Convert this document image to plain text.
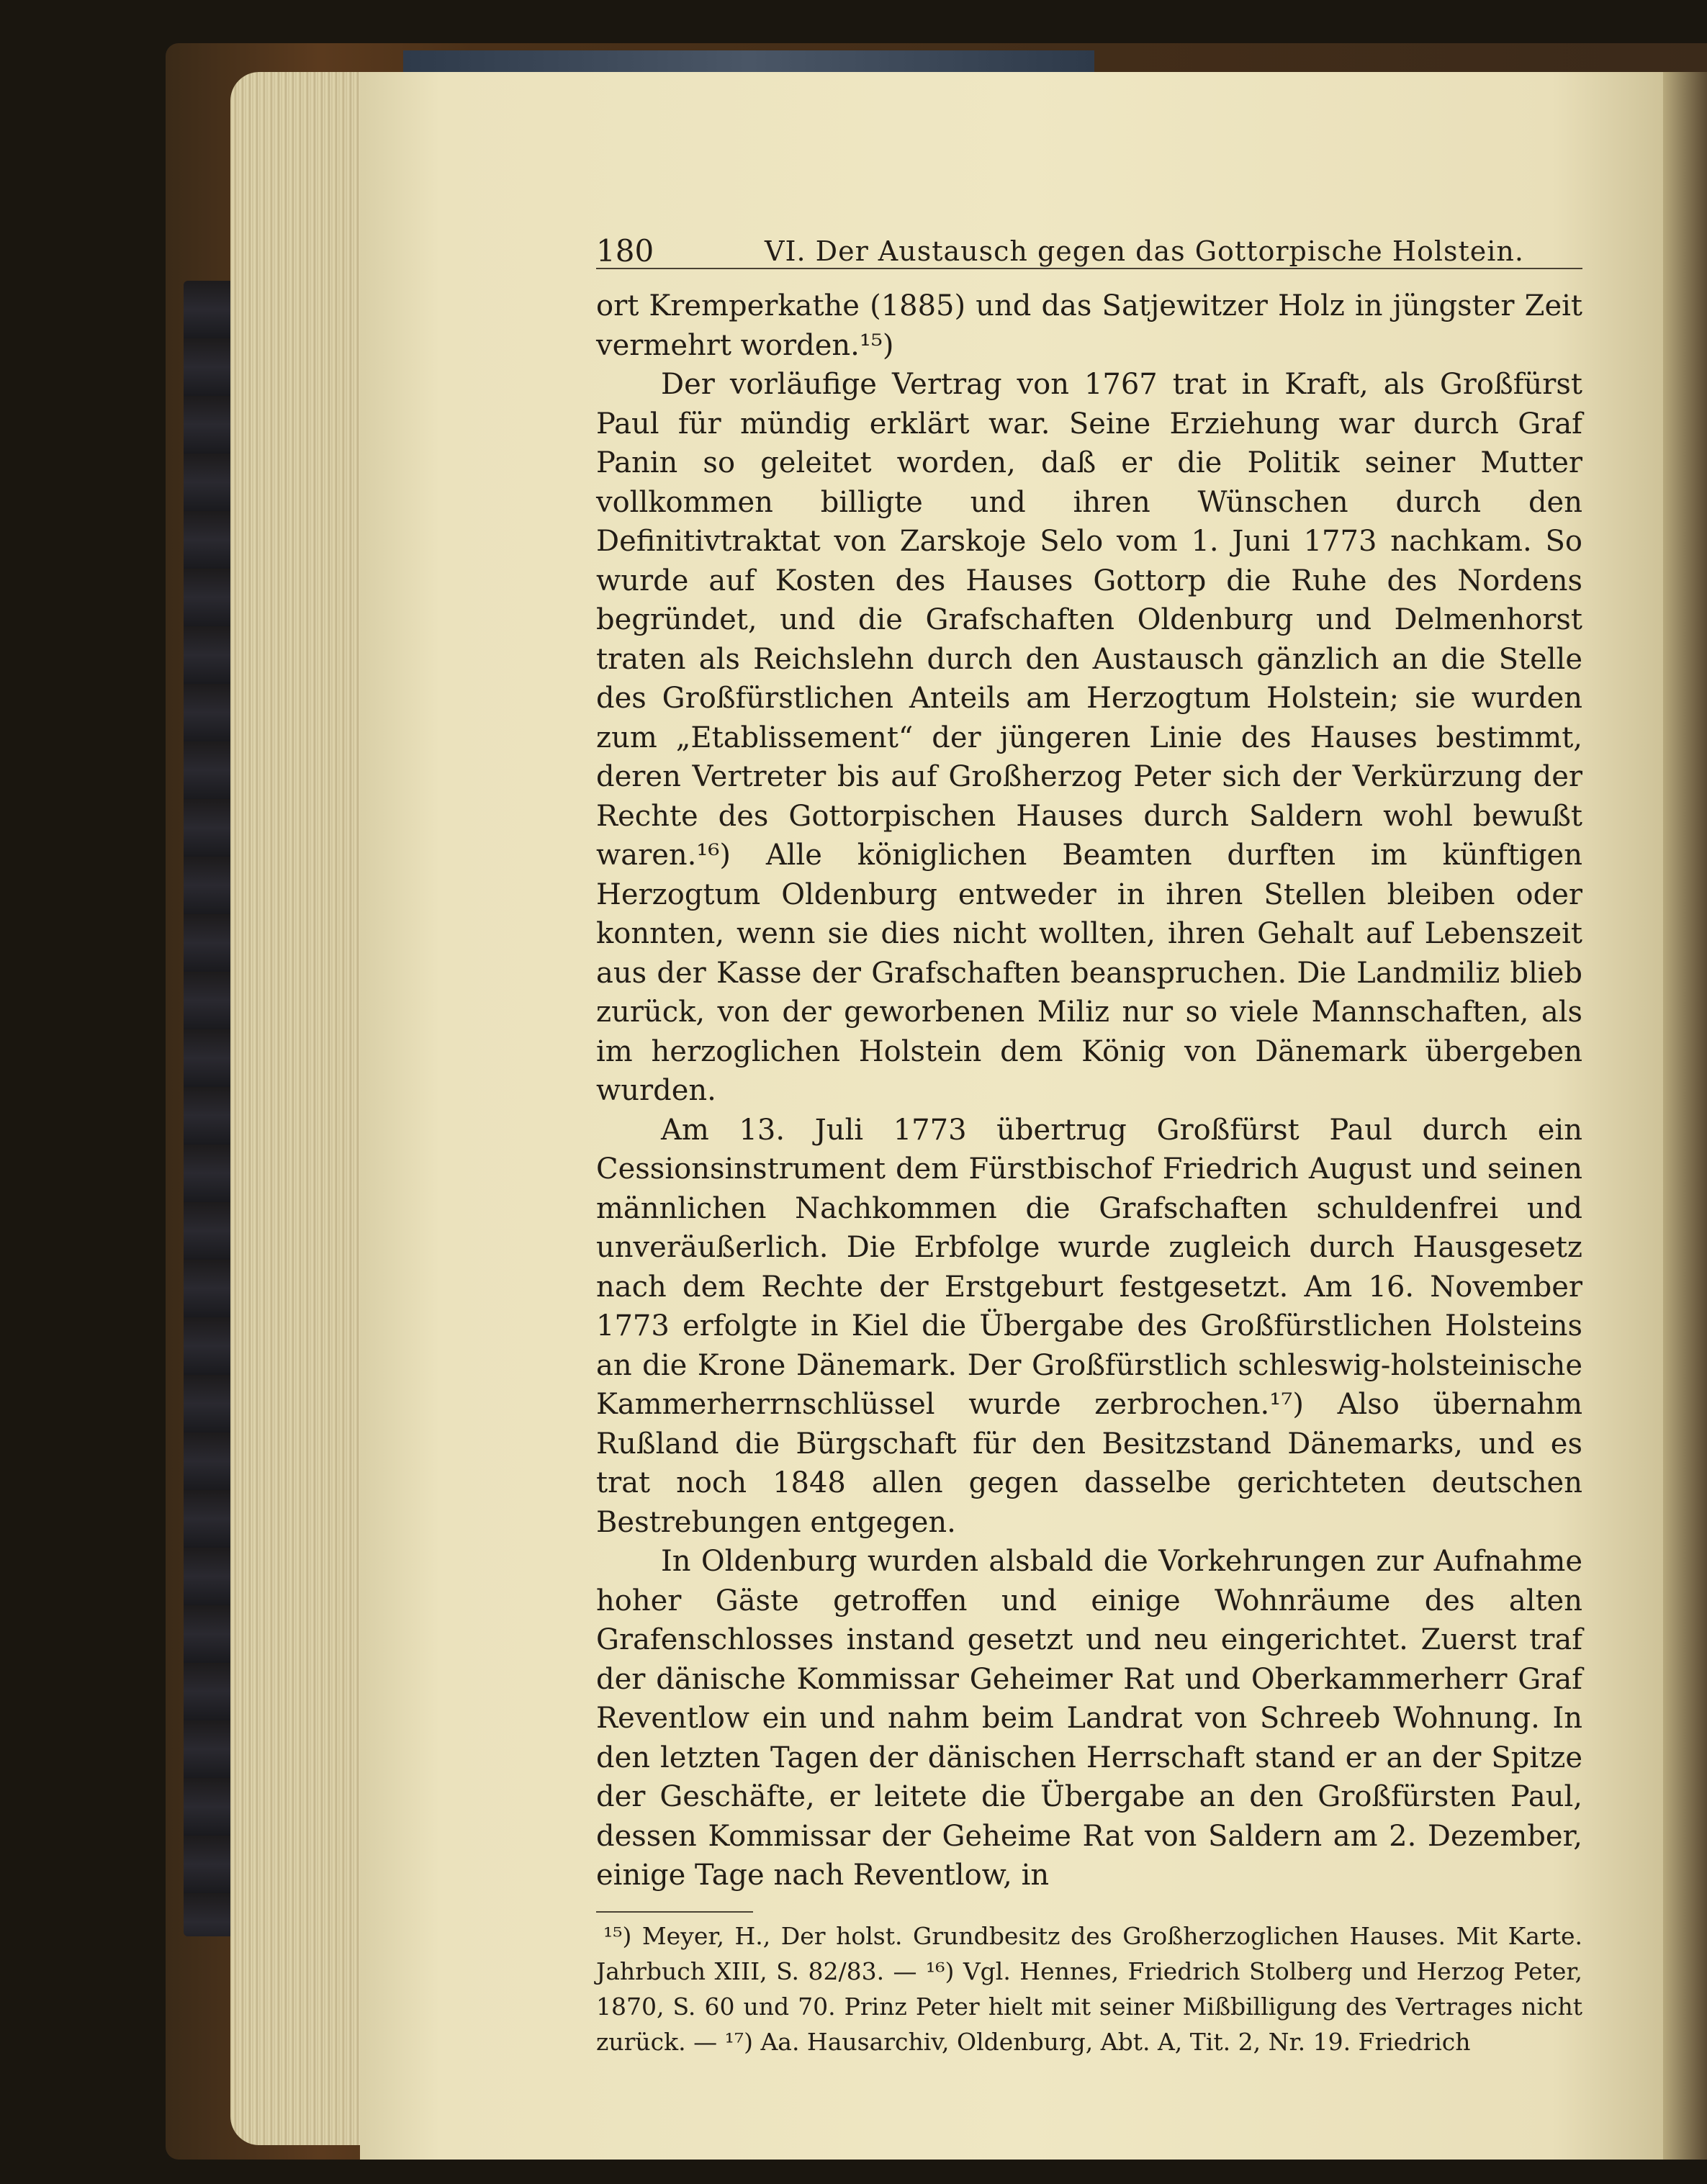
180	VI. Der Austausch gegen das Gottorpische Holstein.

ort Kremperkathe (1885) und das Satjewitzer Holz in jüngster Zeit vermehrt worden.¹⁵)

Der vorläufige Vertrag von 1767 trat in Kraft, als Großfürst Paul für mündig erklärt war. Seine Erziehung war durch Graf Panin so geleitet worden, daß er die Politik seiner Mutter vollkommen billigte und ihren Wünschen durch den Definitivtraktat von Zarskoje Selo vom 1. Juni 1773 nachkam. So wurde auf Kosten des Hauses Gottorp die Ruhe des Nordens begründet, und die Grafschaften Oldenburg und Delmenhorst traten als Reichslehn durch den Austausch gänzlich an die Stelle des Großfürstlichen Anteils am Herzogtum Holstein; sie wurden zum „Etablissement“ der jüngeren Linie des Hauses bestimmt, deren Vertreter bis auf Großherzog Peter sich der Verkürzung der Rechte des Gottorpischen Hauses durch Saldern wohl bewußt waren.¹⁶) Alle königlichen Beamten durften im künftigen Herzogtum Oldenburg entweder in ihren Stellen bleiben oder konnten, wenn sie dies nicht wollten, ihren Gehalt auf Lebenszeit aus der Kasse der Grafschaften beanspruchen. Die Landmiliz blieb zurück, von der geworbenen Miliz nur so viele Mannschaften, als im herzoglichen Holstein dem König von Dänemark übergeben wurden.

Am 13. Juli 1773 übertrug Großfürst Paul durch ein Cessionsinstrument dem Fürstbischof Friedrich August und seinen männlichen Nachkommen die Grafschaften schuldenfrei und unveräußerlich. Die Erbfolge wurde zugleich durch Hausgesetz nach dem Rechte der Erstgeburt festgesetzt. Am 16. November 1773 erfolgte in Kiel die Übergabe des Großfürstlichen Holsteins an die Krone Dänemark. Der Großfürstlich schleswig-holsteinische Kammerherrnschlüssel wurde zerbrochen.¹⁷) Also übernahm Rußland die Bürgschaft für den Besitzstand Dänemarks, und es trat noch 1848 allen gegen dasselbe gerichteten deutschen Bestrebungen entgegen.

In Oldenburg wurden alsbald die Vorkehrungen zur Aufnahme hoher Gäste getroffen und einige Wohnräume des alten Grafenschlosses instand gesetzt und neu eingerichtet. Zuerst traf der dänische Kommissar Geheimer Rat und Oberkammerherr Graf Reventlow ein und nahm beim Landrat von Schreeb Wohnung. In den letzten Tagen der dänischen Herrschaft stand er an der Spitze der Geschäfte, er leitete die Übergabe an den Großfürsten Paul, dessen Kommissar der Geheime Rat von Saldern am 2. Dezember, einige Tage nach Reventlow, in

¹⁵) Meyer, H., Der holst. Grundbesitz des Großherzoglichen Hauses. Mit Karte. Jahrbuch XIII, S. 82/83. — ¹⁶) Vgl. Hennes, Friedrich Stolberg und Herzog Peter, 1870, S. 60 und 70. Prinz Peter hielt mit seiner Mißbilligung des Vertrages nicht zurück. — ¹⁷) Aa. Hausarchiv, Oldenburg, Abt. A, Tit. 2, Nr. 19. Friedrich
